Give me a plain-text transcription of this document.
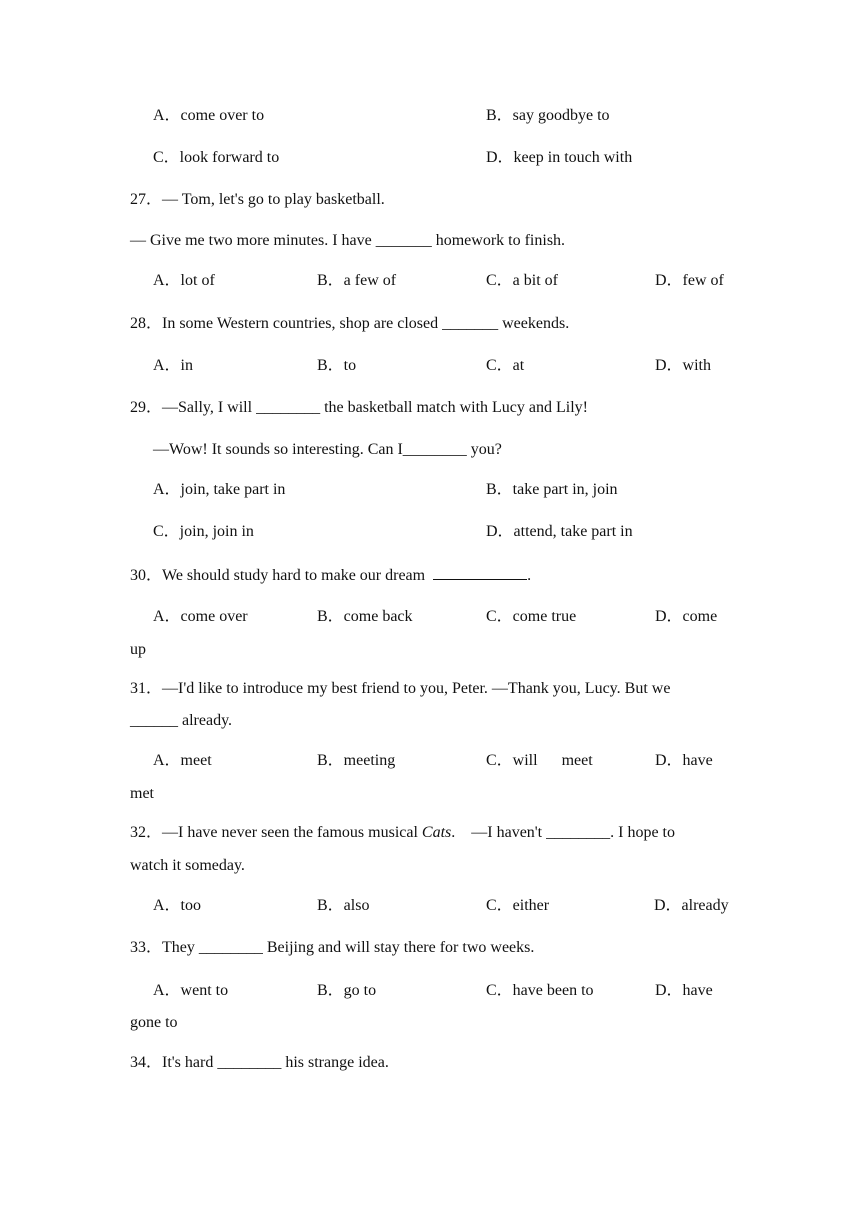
A．come over to	B．say goodbye to
C．look forward to	D．keep in touch with
27．— Tom, let's go to play basketball.
— Give me two more minutes. I have _______ homework to finish.
A．lot of	B．a few of	C．a bit of	D．few of
28．In some Western countries, shop are closed _______ weekends.
A．in	B．to	C．at	D．with
29．—Sally, I will ________ the basketball match with Lucy and Lily!
—Wow! It sounds so interesting. Can I________ you?
A．join, take part in	B．take part in, join
C．join, join in	D．attend, take part in
30．We should study hard to make our dream	.
A．come over	B．come back	C．come true	D．come
up
31．—I'd like to introduce my best friend to you, Peter. —Thank you, Lucy. But we
______ already.
A．meet	B．meeting	C．will      meet	D．have
met
32．—I have never seen the famous musical Cats.    —I haven't ________. I hope to
watch it someday.
A．too	B．also	C．either	D．already
33．They ________ Beijing and will stay there for two weeks.
A．went to	B．go to	C．have been to	D．have
gone to
34．It's hard ________ his strange idea.
